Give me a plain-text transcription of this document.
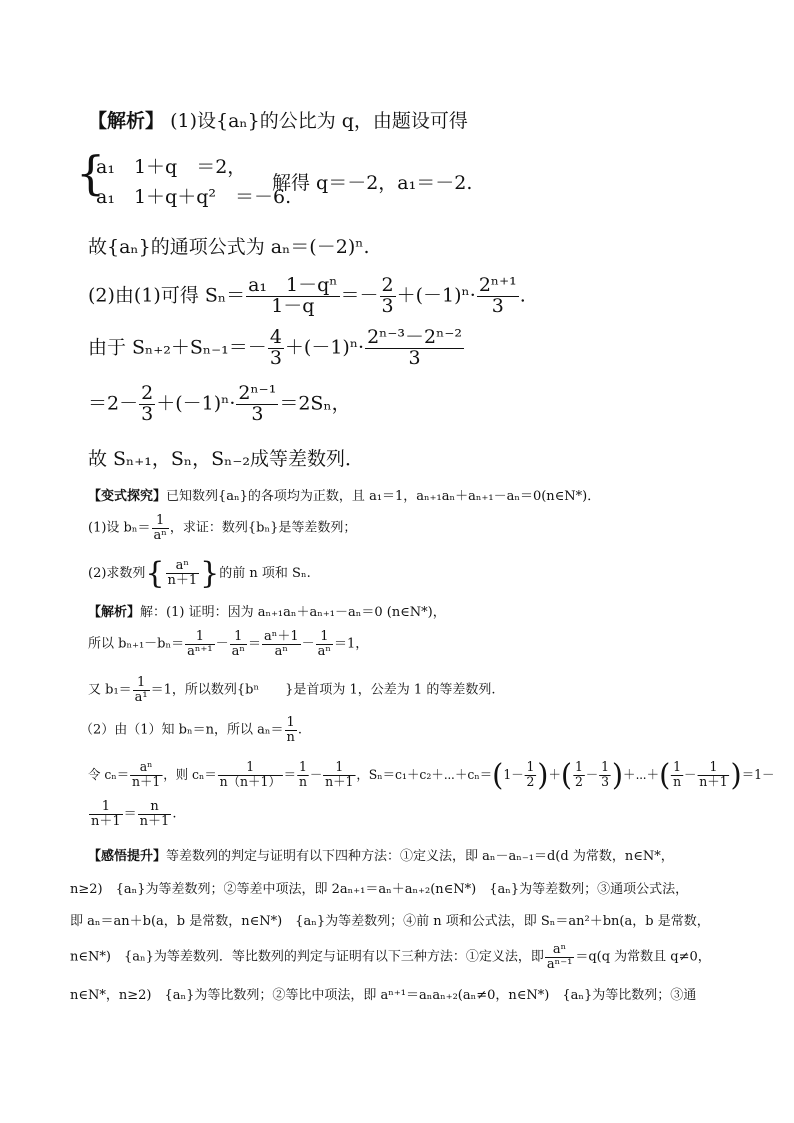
【解析】 (1)设{aₙ}的公比为 q，由题设可得
{
a₁　1＋q　＝2，
a₁　1＋q＋q²　＝－6.
解得 q＝－2，a₁＝－2.
故{aₙ}的通项公式为 aₙ＝(－2)ⁿ.
(2)由(1)可得 $S_n= \frac{\text{a₁　1－qⁿ}}{1-q} =- \frac{2}{3} +(-1)^n\cdot \frac{\text{2ⁿ⁺¹}}{3}$ .
由于 $S_{n+2}+S_{n-1}=- \frac{4}{3} +(-1)^n\cdot \frac{\text{2ⁿ⁻³－2ⁿ⁻²}}{3}$
$=2- \frac{2}{3} +(-1)^n\cdot \frac{\text{2ⁿ⁻¹}}{3} =2S_n$，
故 Sₙ₊₁，Sₙ，Sₙ₋₂成等差数列．
【变式探究】已知数列{aₙ}的各项均为正数，且 a₁＝1，aₙ₊₁aₙ＋aₙ₊₁－aₙ＝0(n∈N*)．
(1)设 $b_n= \frac{1}{\text{aⁿ}}$ ，求证：数列{bₙ}是等差数列；
(2)求数列{ $\frac{\text{aⁿ}}{n+1}$ }的前 n 项和 Sₙ.
【解析】解：(1) 证明：因为 aₙ₊₁aₙ＋aₙ₊₁－aₙ＝0 (n∈N*)，
所以 $b_{n+1}-b_n= \frac{1}{\text{aⁿ⁺¹}} - \frac{1}{\text{aⁿ}} = \frac{\text{aⁿ＋1}}{\text{aⁿ}} - \frac{1}{\text{aⁿ}} =1$，
又 $b_1= \frac{1}{\text{a¹}} =1$，所以数列{bⁿ　　}是首项为 1，公差为 1 的等差数列.
（2）由（1）知 bₙ＝n，所以 $a_n= \frac{1}{n}$ .
令 $c_n= \frac{\text{aⁿ}}{n+1}$ ，则 $c_n= \frac{1}{n(n+1)} = \frac{1}{n} - \frac{1}{n+1}$ ，Sₙ＝c₁＋c₂＋⋯＋cₙ＝(1－ $\frac{1}{2}$ )＋( $\frac{1}{2} - \frac{1}{3}$ )＋⋯＋( $\frac{1}{n} - \frac{1}{n+1} )=1-$
$\frac{1}{n+1} = \frac{n}{n+1}$ .
【感悟提升】等差数列的判定与证明有以下四种方法：①定义法，即 aₙ－aₙ₋₁＝d(d 为常数，n∈N*，
n≥2)　{aₙ}为等差数列；②等差中项法，即 2aₙ₊₁＝aₙ＋aₙ₊₂(n∈N*)　{aₙ}为等差数列；③通项公式法，
即 aₙ＝an＋b(a，b 是常数，n∈N*)　{aₙ}为等差数列；④前 n 项和公式法，即 Sₙ＝an²＋bn(a，b 是常数，
n∈N*)　{aₙ}为等差数列．等比数列的判定与证明有以下三种方法：①定义法，即 $\frac{\text{aⁿ}}{\text{aⁿ⁻¹}} =q(q$ 为常数且 q≠0，
n∈N*，n≥2)　{aₙ}为等比数列；②等比中项法，即 aⁿ⁺¹＝aₙaₙ₊₂(aₙ≠0，n∈N*)　{aₙ}为等比数列；③通
